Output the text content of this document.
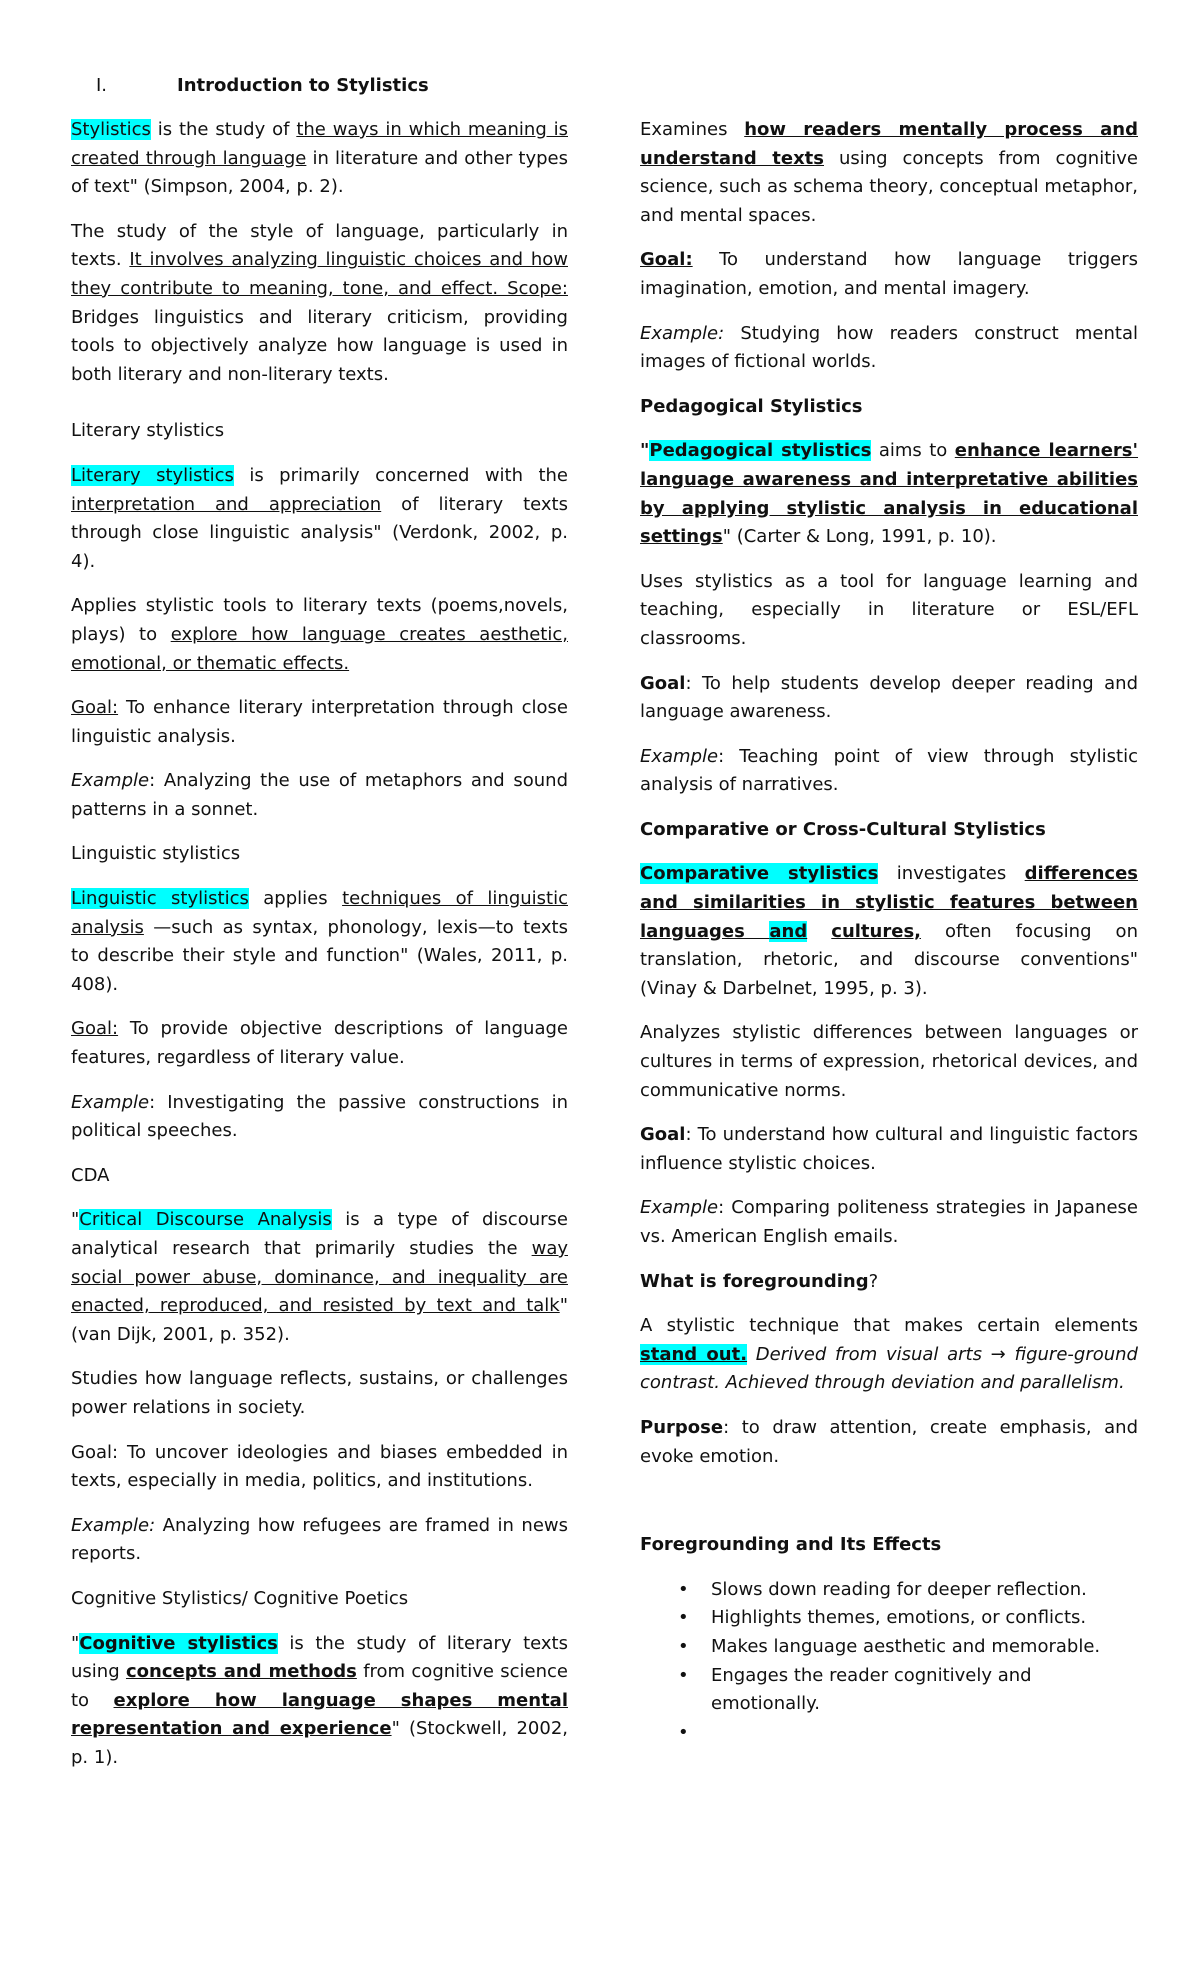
I.	Introduction to Stylistics

Stylistics is the study of the ways in which meaning is created through language in literature and other types of text" (Simpson, 2004, p. 2).

The study of the style of language, particularly in texts. It involves analyzing linguistic choices and how they contribute to meaning, tone, and effect. Scope: Bridges linguistics and literary criticism, providing tools to objectively analyze how language is used in both literary and non-literary texts.

Literary stylistics

Literary stylistics is primarily concerned with the interpretation and appreciation of literary texts through close linguistic analysis" (Verdonk, 2002, p. 4).

Applies stylistic tools to literary texts (poems,novels, plays) to explore how language creates aesthetic, emotional, or thematic effects.

Goal: To enhance literary interpretation through close linguistic analysis.

Example: Analyzing the use of metaphors and sound patterns in a sonnet.

Linguistic stylistics

Linguistic stylistics applies techniques of linguistic analysis —such as syntax, phonology, lexis—to texts to describe their style and function" (Wales, 2011, p. 408).

Goal: To provide objective descriptions of language features, regardless of literary value.

Example: Investigating the passive constructions in political speeches.

CDA

"Critical Discourse Analysis is a type of discourse analytical research that primarily studies the way social power abuse, dominance, and inequality are enacted, reproduced, and resisted by text and talk" (van Dijk, 2001, p. 352).

Studies how language reflects, sustains, or challenges power relations in society.

Goal: To uncover ideologies and biases embedded in texts, especially in media, politics, and institutions.

Example: Analyzing how refugees are framed in news reports.

Cognitive Stylistics/ Cognitive Poetics

"Cognitive stylistics is the study of literary texts using concepts and methods from cognitive science to explore how language shapes mental representation and experience" (Stockwell, 2002, p. 1).

Examines how readers mentally process and understand texts using concepts from cognitive science, such as schema theory, conceptual metaphor, and mental spaces.

Goal: To understand how language triggers imagination, emotion, and mental imagery.

Example: Studying how readers construct mental images of fictional worlds.

Pedagogical Stylistics

"Pedagogical stylistics aims to enhance learners' language awareness and interpretative abilities by applying stylistic analysis in educational settings" (Carter & Long, 1991, p. 10).

Uses stylistics as a tool for language learning and teaching, especially in literature or ESL/EFL classrooms.

Goal: To help students develop deeper reading and language awareness.

Example: Teaching point of view through stylistic analysis of narratives.

Comparative or Cross-Cultural Stylistics

Comparative stylistics investigates differences and similarities in stylistic features between languages and cultures, often focusing on translation, rhetoric, and discourse conventions" (Vinay & Darbelnet, 1995, p. 3).

Analyzes stylistic differences between languages or cultures in terms of expression, rhetorical devices, and communicative norms.

Goal: To understand how cultural and linguistic factors influence stylistic choices.

Example: Comparing politeness strategies in Japanese vs. American English emails.

What is foregrounding?

A stylistic technique that makes certain elements stand out. Derived from visual arts → figure-ground contrast. Achieved through deviation and parallelism.

Purpose: to draw attention, create emphasis, and evoke emotion.

Foregrounding and Its Effects

• Slows down reading for deeper reflection.
• Highlights themes, emotions, or conflicts.
• Makes language aesthetic and memorable.
• Engages the reader cognitively and emotionally.
•
